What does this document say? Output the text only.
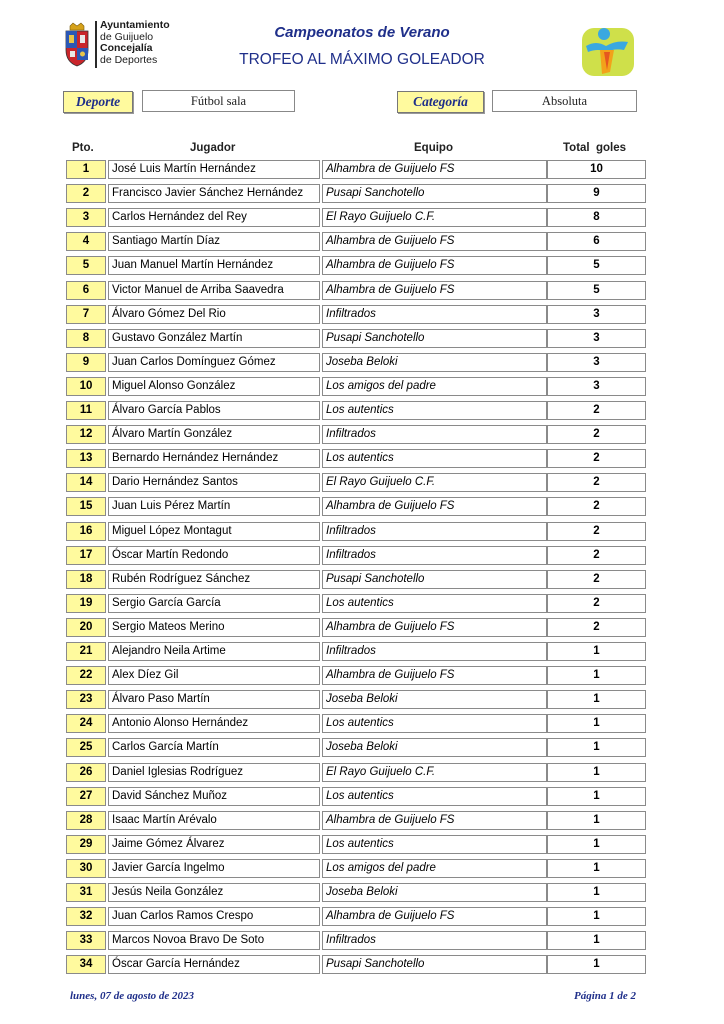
Ayuntamiento
de Guijuelo
Concejalía
de Deportes
Campeonatos de Verano
TROFEO AL MÁXIMO GOLEADOR
Deporte	Fútbol sala	Categoría	Absoluta
Pto.	Jugador	Equipo	Total  goles
1	José Luis Martín Hernández	Alhambra de Guijuelo FS	10
2	Francisco Javier Sánchez Hernández	Pusapi Sanchotello	9
3	Carlos Hernández del Rey	El Rayo Guijuelo C.F.	8
4	Santiago Martín Díaz	Alhambra de Guijuelo FS	6
5	Juan Manuel Martín Hernández	Alhambra de Guijuelo FS	5
6	Victor Manuel de Arriba Saavedra	Alhambra de Guijuelo FS	5
7	Álvaro Gómez Del Rio	Infiltrados	3
8	Gustavo González Martín	Pusapi Sanchotello	3
9	Juan Carlos Domínguez Gómez	Joseba Beloki	3
10	Miguel Alonso González	Los amigos del padre	3
11	Álvaro García Pablos	Los autentics	2
12	Álvaro Martín González	Infiltrados	2
13	Bernardo Hernández Hernández	Los autentics	2
14	Dario Hernández Santos	El Rayo Guijuelo C.F.	2
15	Juan Luis Pérez Martín	Alhambra de Guijuelo FS	2
16	Miguel López Montagut	Infiltrados	2
17	Óscar Martín Redondo	Infiltrados	2
18	Rubén Rodríguez Sánchez	Pusapi Sanchotello	2
19	Sergio García García	Los autentics	2
20	Sergio Mateos Merino	Alhambra de Guijuelo FS	2
21	Alejandro Neila Artime	Infiltrados	1
22	Alex Díez Gil	Alhambra de Guijuelo FS	1
23	Álvaro Paso Martín	Joseba Beloki	1
24	Antonio Alonso Hernández	Los autentics	1
25	Carlos García Martín	Joseba Beloki	1
26	Daniel Iglesias Rodríguez	El Rayo Guijuelo C.F.	1
27	David Sánchez Muñoz	Los autentics	1
28	Isaac Martín Arévalo	Alhambra de Guijuelo FS	1
29	Jaime Gómez Álvarez	Los autentics	1
30	Javier García Ingelmo	Los amigos del padre	1
31	Jesús Neila González	Joseba Beloki	1
32	Juan Carlos Ramos Crespo	Alhambra de Guijuelo FS	1
33	Marcos Novoa Bravo De Soto	Infiltrados	1
34	Óscar García Hernández	Pusapi Sanchotello	1
lunes, 07 de agosto de 2023	Página 1 de 2
